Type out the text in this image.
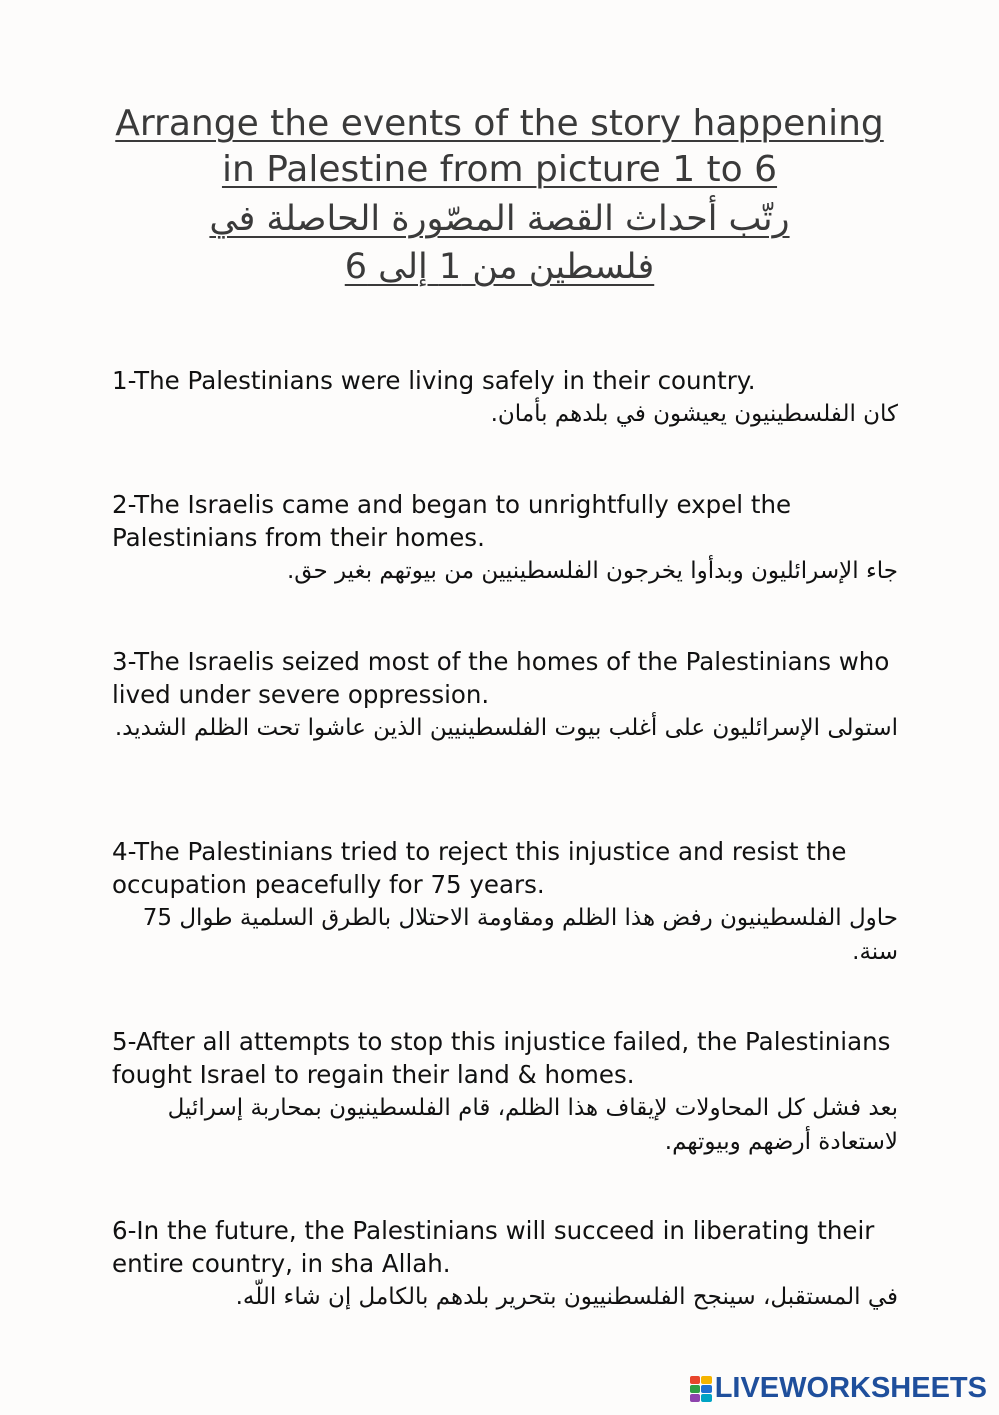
Arrange the events of the story happening
in Palestine from picture 1 to 6
رتّب أحداث القصة المصّورة الحاصلة في
فلسطين من 1 إلى 6

1-The Palestinians were living safely in their country.

كان الفلسطينيون يعيشون في بلدهم بأمان.

2-The Israelis came and began to unrightfully expel the Palestinians from their homes.

جاء الإسرائليون وبدأوا يخرجون الفلسطينيين من بيوتهم بغير حق.

3-The Israelis seized most of the homes of the Palestinians who lived under severe oppression.

استولى الإسرائليون على أغلب بيوت الفلسطينيين الذين عاشوا تحت الظلم الشديد.

4-The Palestinians tried to reject this injustice and resist the occupation peacefully for 75 years.

حاول الفلسطينيون رفض هذا الظلم ومقاومة الاحتلال بالطرق السلمية طوال 75 سنة.

5-After all attempts to stop this injustice failed, the Palestinians fought Israel to regain their land & homes.

بعد فشل كل المحاولات لإيقاف هذا الظلم، قام الفلسطينيون بمحاربة إسرائيل لاستعادة أرضهم وبيوتهم.

6-In the future, the Palestinians will succeed in liberating their entire country, in sha Allah.

في المستقبل، سينجح الفلسطنييون بتحرير بلدهم بالكامل إن شاء اللّه.

LIVEWORKSHEETS
